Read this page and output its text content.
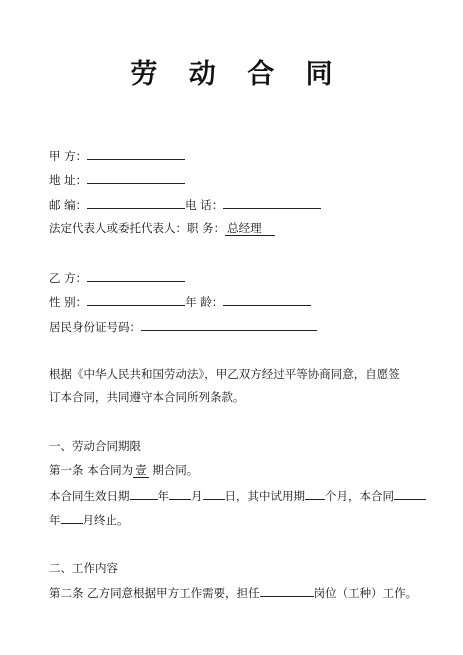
劳 动 合 同
甲 方：
地 址：
邮 编：	电 话：
法定代表人或委托代表人：职 务： 总经理
乙 方：
性 别：	年 龄：
居民身份证号码：

根据《中华人民共和国劳动法》，甲乙双方经过平等协商同意，自愿签订本合同，共同遵守本合同所列条款。

一、劳动合同期限
第一条 本合同为 壹 期合同。
本合同生效日期 年 月 日，其中试用期 个月，本合同
年 月终止。
二、工作内容
第二条 乙方同意根据甲方工作需要，担任	岗位（工种）工作。
